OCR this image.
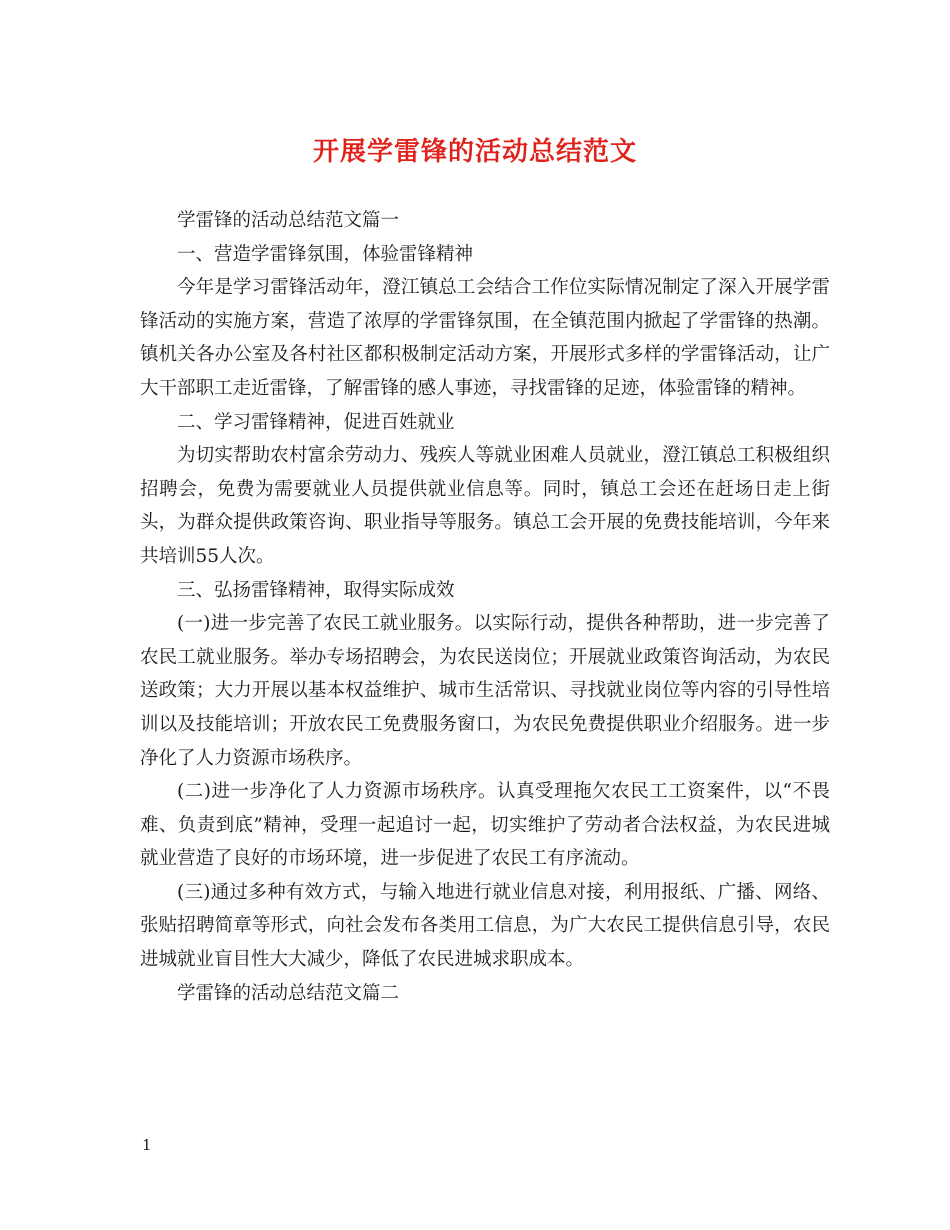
开展学雷锋的活动总结范文

学雷锋的活动总结范文篇一

一、营造学雷锋氛围，体验雷锋精神

今年是学习雷锋活动年，澄江镇总工会结合工作位实际情况制定了深入开展学雷锋活动的实施方案，营造了浓厚的学雷锋氛围，在全镇范围内掀起了学雷锋的热潮。镇机关各办公室及各村社区都积极制定活动方案，开展形式多样的学雷锋活动，让广大干部职工走近雷锋，了解雷锋的感人事迹，寻找雷锋的足迹，体验雷锋的精神。

二、学习雷锋精神，促进百姓就业

为切实帮助农村富余劳动力、残疾人等就业困难人员就业，澄江镇总工积极组织招聘会，免费为需要就业人员提供就业信息等。同时，镇总工会还在赶场日走上街头，为群众提供政策咨询、职业指导等服务。镇总工会开展的免费技能培训，今年来共培训55人次。

三、弘扬雷锋精神，取得实际成效

(一)进一步完善了农民工就业服务。以实际行动，提供各种帮助，进一步完善了农民工就业服务。举办专场招聘会，为农民送岗位；开展就业政策咨询活动，为农民送政策；大力开展以基本权益维护、城市生活常识、寻找就业岗位等内容的引导性培训以及技能培训；开放农民工免费服务窗口，为农民免费提供职业介绍服务。进一步净化了人力资源市场秩序。

(二)进一步净化了人力资源市场秩序。认真受理拖欠农民工工资案件，以“不畏难、负责到底”精神，受理一起追讨一起，切实维护了劳动者合法权益，为农民进城就业营造了良好的市场环境，进一步促进了农民工有序流动。

(三)通过多种有效方式，与输入地进行就业信息对接，利用报纸、广播、网络、张贴招聘简章等形式，向社会发布各类用工信息，为广大农民工提供信息引导，农民进城就业盲目性大大减少，降低了农民进城求职成本。

学雷锋的活动总结范文篇二

1
